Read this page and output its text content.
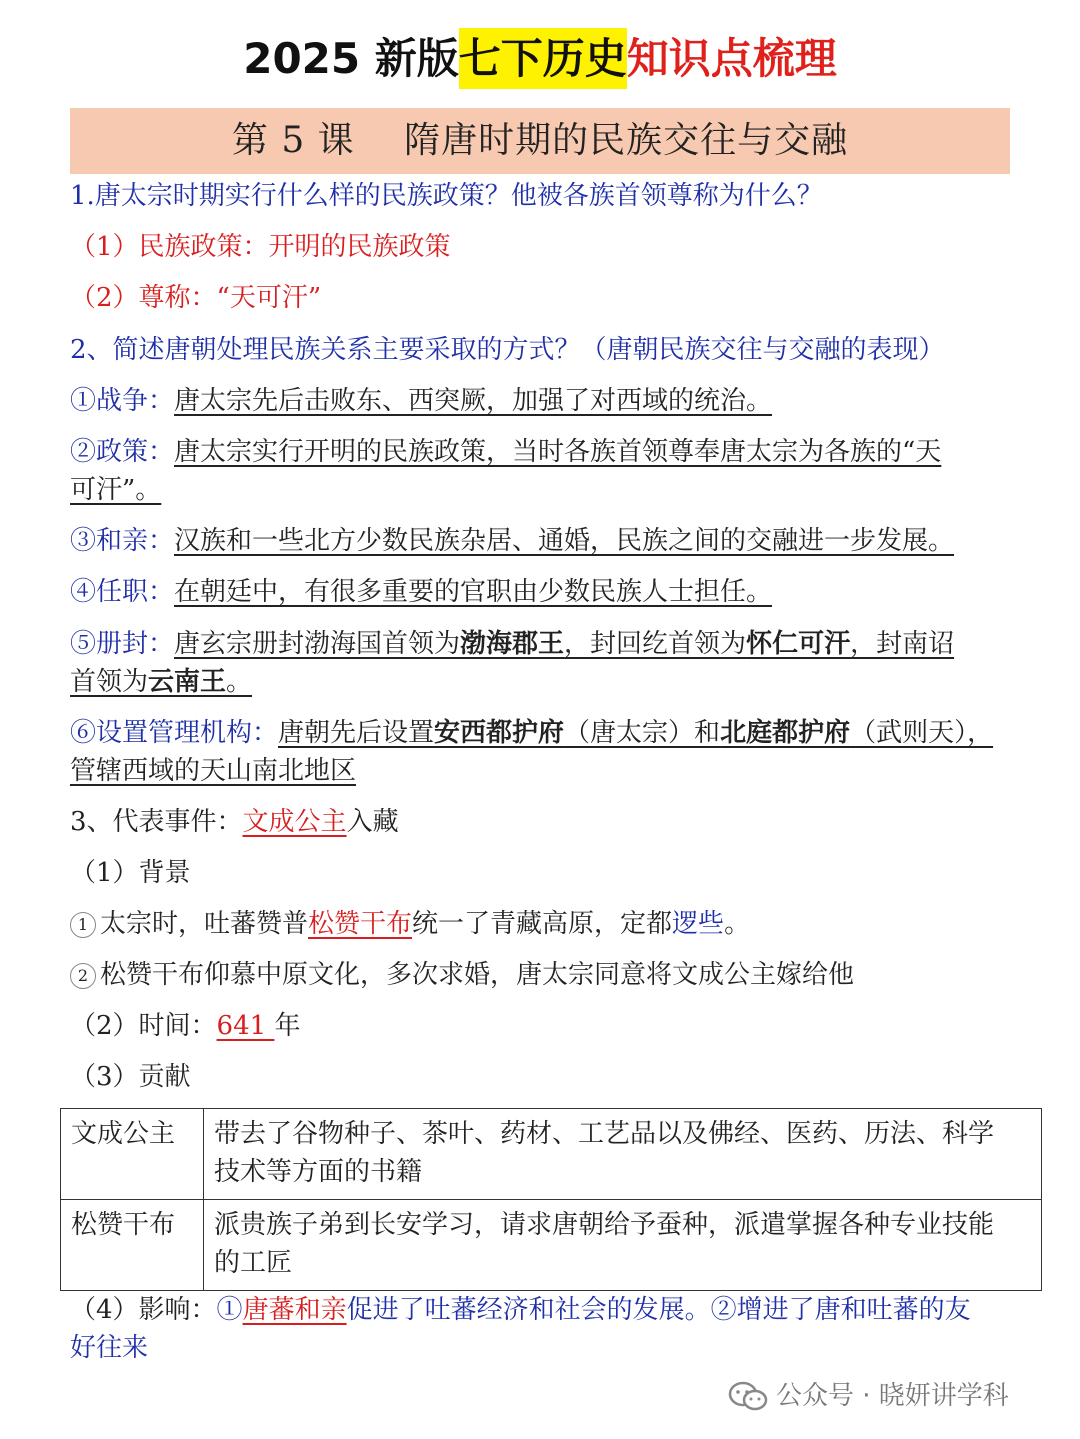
2025 新版七下历史知识点梳理
第 5 课　 隋唐时期的民族交往与交融
1.唐太宗时期实行什么样的民族政策？他被各族首领尊称为什么？
（1）民族政策：开明的民族政策
（2）尊称：“天可汗”
2、简述唐朝处理民族关系主要采取的方式？（唐朝民族交往与交融的表现）
①战争：唐太宗先后击败东、西突厥，加强了对西域的统治。
②政策：唐太宗实行开明的民族政策，当时各族首领尊奉唐太宗为各族的“天
可汗”。
③和亲：汉族和一些北方少数民族杂居、通婚，民族之间的交融进一步发展。
④任职：在朝廷中，有很多重要的官职由少数民族人士担任。
⑤册封：唐玄宗册封渤海国首领为渤海郡王，封回纥首领为怀仁可汗，封南诏
首领为云南王。
⑥设置管理机构：唐朝先后设置安西都护府（唐太宗）和北庭都护府（武则天），
管辖西域的天山南北地区
3、代表事件：文成公主入藏
（1）背景
1 太宗时，吐蕃赞普松赞干布统一了青藏高原，定都逻些。
2 松赞干布仰慕中原文化，多次求婚，唐太宗同意将文成公主嫁给他
（2）时间：641 年
（3）贡献
文成公主	带去了谷物种子、茶叶、药材、工艺品以及佛经、医药、历法、科学
技术等方面的书籍
松赞干布	派贵族子弟到长安学习，请求唐朝给予蚕种，派遣掌握各种专业技能
的工匠
（4）影响：①唐蕃和亲促进了吐蕃经济和社会的发展。②增进了唐和吐蕃的友
好往来
公众号 · 晓妍讲学科
